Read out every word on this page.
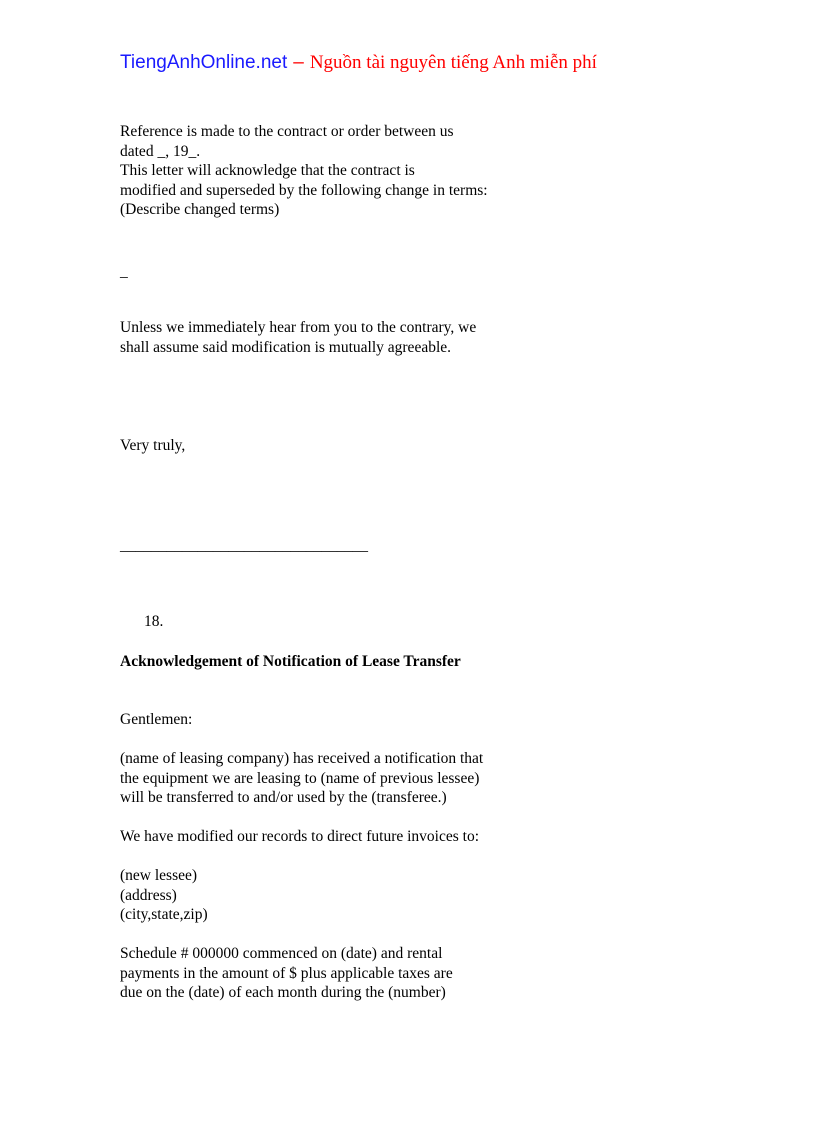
TiengAnhOnline.net – Nguồn tài nguyên tiếng Anh miễn phí
Reference is made to the contract or order between us
dated _, 19_.
This letter will acknowledge that the contract is
modified and superseded by the following change in terms:
(Describe changed terms)
_
Unless we immediately hear from you to the contrary, we
shall assume said modification is mutually agreeable.
Very truly,
________________________________
18.
Acknowledgement of Notification of Lease Transfer
Gentlemen:
(name of leasing company) has received a notification that
the equipment we are leasing to (name of previous lessee)
will be transferred to and/or used by the (transferee.)
We have modified our records to direct future invoices to:
(new lessee)
(address)
(city,state,zip)
Schedule # 000000 commenced on (date) and rental
payments in the amount of $ plus applicable taxes are
due on the (date) of each month during the (number)
